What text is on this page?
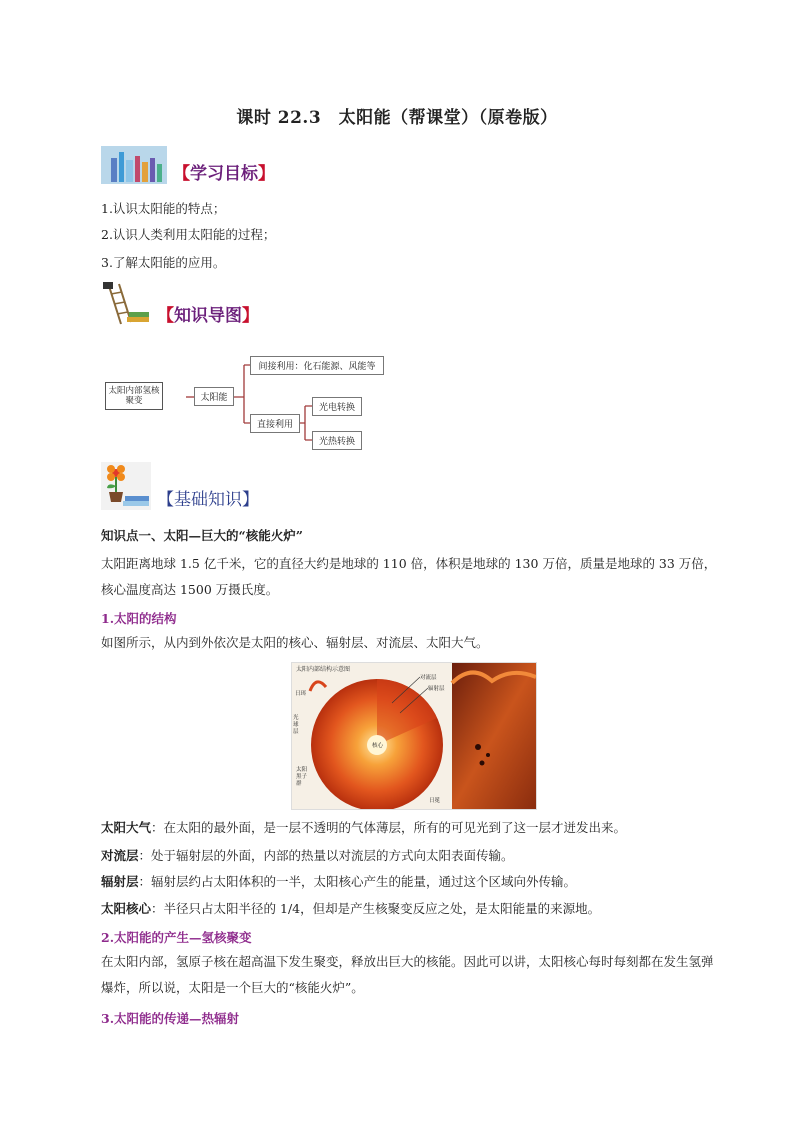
课时 22.3　太阳能（帮课堂）（原卷版）
【学习目标】
1.认识太阳能的特点；
2.认识人类利用太阳能的过程；
3.了解太阳能的应用。
【知识导图】
太阳内部氢核聚变	太阳能
间接利用：化石能源、风能等
直接利用
光电转换
光热转换
【基础知识】
知识点一、太阳—巨大的“核能火炉”
太阳距离地球 1.5 亿千米，它的直径大约是地球的 110 倍，体积是地球的 130 万倍，质量是地球的 33 万倍，核心温度高达 1500 万摄氏度。
1.太阳的结构
如图所示，从内到外依次是太阳的核心、辐射层、对流层、太阳大气。
太阳内部结构示意图
对流层
辐射层
核心
日冕
日珥
光球层
太阳黑子群
太阳大气：在太阳的最外面，是一层不透明的气体薄层，所有的可见光到了这一层才迸发出来。
对流层：处于辐射层的外面，内部的热量以对流层的方式向太阳表面传输。
辐射层：辐射层约占太阳体积的一半，太阳核心产生的能量，通过这个区域向外传输。
太阳核心：半径只占太阳半径的 1/4，但却是产生核聚变反应之处，是太阳能量的来源地。
2.太阳能的产生—氢核聚变
在太阳内部，氢原子核在超高温下发生聚变，释放出巨大的核能。因此可以讲，太阳核心每时每刻都在发生氢弹爆炸，所以说，太阳是一个巨大的“核能火炉”。
3.太阳能的传递—热辐射
